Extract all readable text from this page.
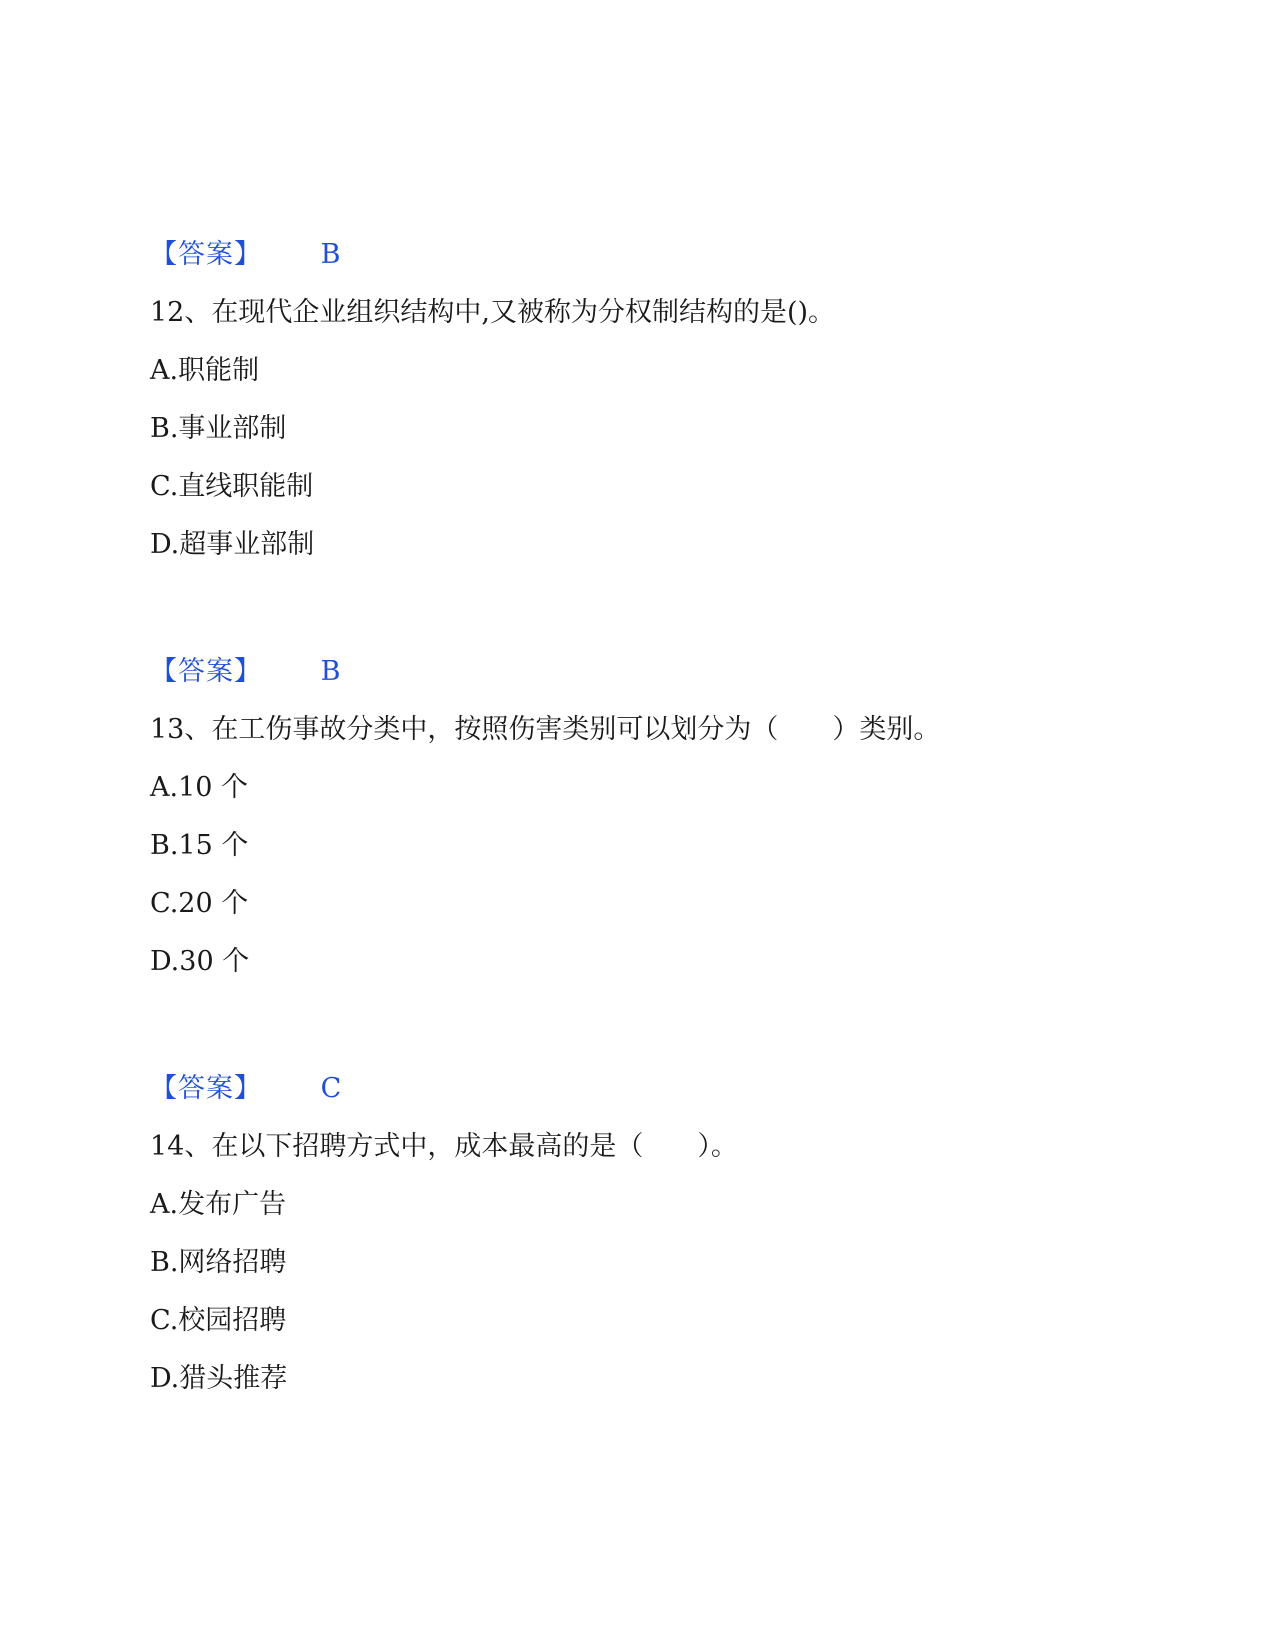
【答案】 B
12、在现代企业组织结构中,又被称为分权制结构的是()。
A.职能制
B.事业部制
C.直线职能制
D.超事业部制
【答案】 B
13、在工伤事故分类中，按照伤害类别可以划分为（　　）类别。
A.10 个
B.15 个
C.20 个
D.30 个
【答案】 C
14、在以下招聘方式中，成本最高的是（　　）。
A.发布广告
B.网络招聘
C.校园招聘
D.猎头推荐
